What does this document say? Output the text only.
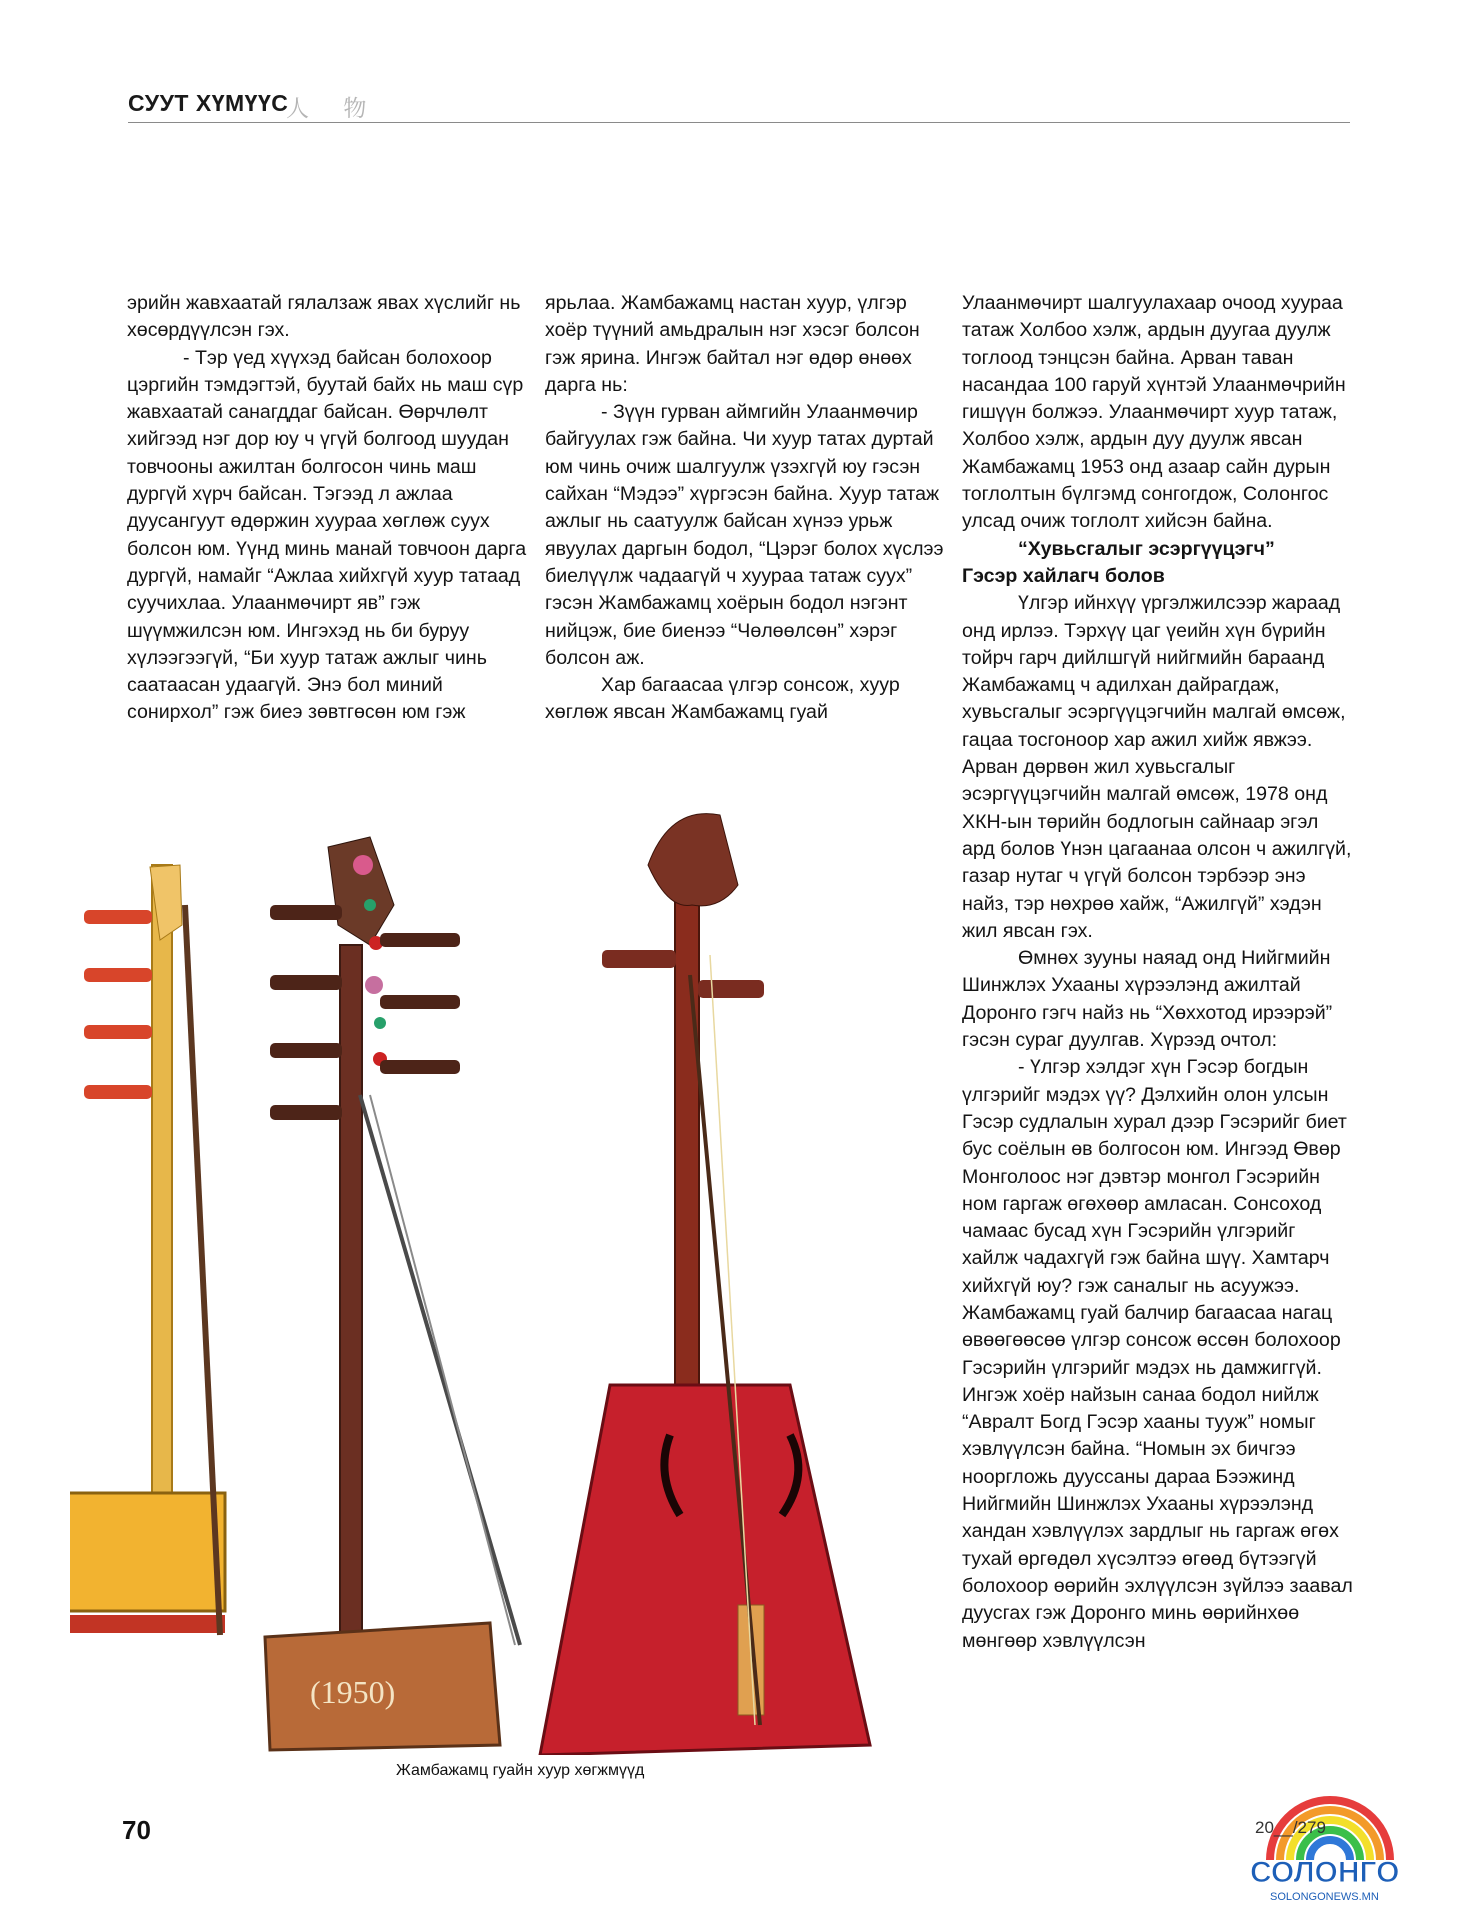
СУУТ ХҮМҮҮС
人 物

эрийн жавхаатай гялалзаж явах хүслийг нь хөсөрдүүлсэн гэх.

- Тэр үед хүүхэд байсан болохоор цэргийн тэмдэгтэй, буутай байх нь маш сүр жавхаатай санагддаг байсан. Өөрчлөлт хийгээд нэг дор юу ч үгүй болгоод шуудан товчооны ажилтан болгосон чинь маш дургүй хүрч байсан. Тэгээд л ажлаа дуусангуут өдөржин хуураа хөглөж суух болсон юм. Үүнд минь манай товчоон дарга дургүй, намайг “Ажлаа хийхгүй хуур татаад суучихлаа. Улаанмөчирт яв” гэж шүүмжилсэн юм. Ингэхэд нь би буруу хүлээгээгүй, “Би хуур татаж ажлыг чинь саатаасан удаагүй. Энэ бол миний сонирхол” гэж биеэ зөвтгөсөн юм гэж

ярьлаа. Жамбажамц настан хуур, үлгэр хоёр түүний амьдралын нэг хэсэг болсон гэж ярина. Ингэж байтал нэг өдөр өнөөх дарга нь:

- Зүүн гурван аймгийн Улаанмөчир байгуулах гэж байна. Чи хуур татах дуртай юм чинь очиж шалгуулж үзэхгүй юу гэсэн сайхан “Мэдээ” хүргэсэн байна. Хуур татаж ажлыг нь саатуулж байсан хүнээ урьж явуулах даргын бодол, “Цэрэг болох хүслээ биелүүлж чадаагүй ч хуураа татаж суух” гэсэн Жамбажамц хоёрын бодол нэгэнт нийцэж, бие биенээ “Чөлөөлсөн” хэрэг болсон аж.

Хар багаасаа үлгэр сонсож, хуур хөглөж явсан Жамбажамц гуай

Улаанмөчирт шалгуулахаар очоод хуураа татаж Холбоо хэлж, ардын дуугаа дуулж тоглоод тэнцсэн байна. Арван таван насандаа 100 гаруй хүнтэй Улаанмөчрийн гишүүн болжээ. Улаанмөчирт хуур татаж, Холбоо хэлж, ардын дуу дуулж явсан Жамбажамц 1953 онд азаар сайн дурын тоглолтын бүлгэмд сонгогдож, Солонгос улсад очиж тоглолт хийсэн байна.

“Хувьсгалыг эсэргүүцэгч”

Гэсэр хайлагч болов

Үлгэр ийнхүү үргэлжилсээр жараад онд ирлээ. Тэрхүү цаг үеийн хүн бүрийн тойрч гарч дийлшгүй нийгмийн бараанд Жамбажамц ч адилхан дайрагдаж, хувьсгалыг эсэргүүцэгчийн малгай өмсөж, гацаа тосгоноор хар ажил хийж явжээ. Арван дөрвөн жил хувьсгалыг эсэргүүцэгчийн малгай өмсөж, 1978 онд ХКН-ын төрийн бодлогын сайнаар эгэл ард болов Үнэн цагаанаа олсон ч ажилгүй, газар нутаг ч үгүй болсон тэрбээр энэ найз, тэр нөхрөө хайж, “Ажилгүй” хэдэн жил явсан гэх.

Өмнөх зууны наяад онд Нийгмийн Шинжлэх Ухааны хүрээлэнд ажилтай Доронго гэгч найз нь “Хөххотод ирээрэй” гэсэн сураг дуулгав. Хүрээд очтол:

- Үлгэр хэлдэг хүн Гэсэр богдын үлгэрийг мэдэх үү? Дэлхийн олон улсын Гэсэр судлалын хурал дээр Гэсэрийг биет бус соёлын өв болгосон юм. Ингээд Өвөр Монголоос нэг дэвтэр монгол Гэсэрийн ном гаргаж өгөхөөр амласан. Сонсоход чамаас бусад хүн Гэсэрийн үлгэрийг хайлж чадахгүй гэж байна шүү. Хамтарч хийхгүй юу? гэж саналыг нь асуужээ. Жамбажамц гуай балчир багаасаа нагац өвөөгөөсөө үлгэр сонсож өссөн болохоор Гэсэрийн үлгэрийг мэдэх нь дамжиггүй. Ингэж хоёр найзын санаа бодол нийлж “Авралт Богд Гэсэр хааны тууж” номыг хэвлүүлсэн байна. “Номын эх бичгээ нооргложь дуусcаны дараа Бээжинд Нийгмийн Шинжлэх Ухааны хүрээлэнд хандан хэвлүүлэх зардлыг нь гаргаж өгөх тухай өргөдөл хүсэлтээ өгөөд бүтээгүй болохоор өөрийн эхлүүлсэн зүйлээ заавал дуусгах гэж Доронго минь өөрийнхөө мөнгөөр хэвлүүлсэн

(1950)
Жамбажамц гуайн хуур хөгжмүүд
70
СОЛОНГО
SOLONGONEWS.MN
20__/279
